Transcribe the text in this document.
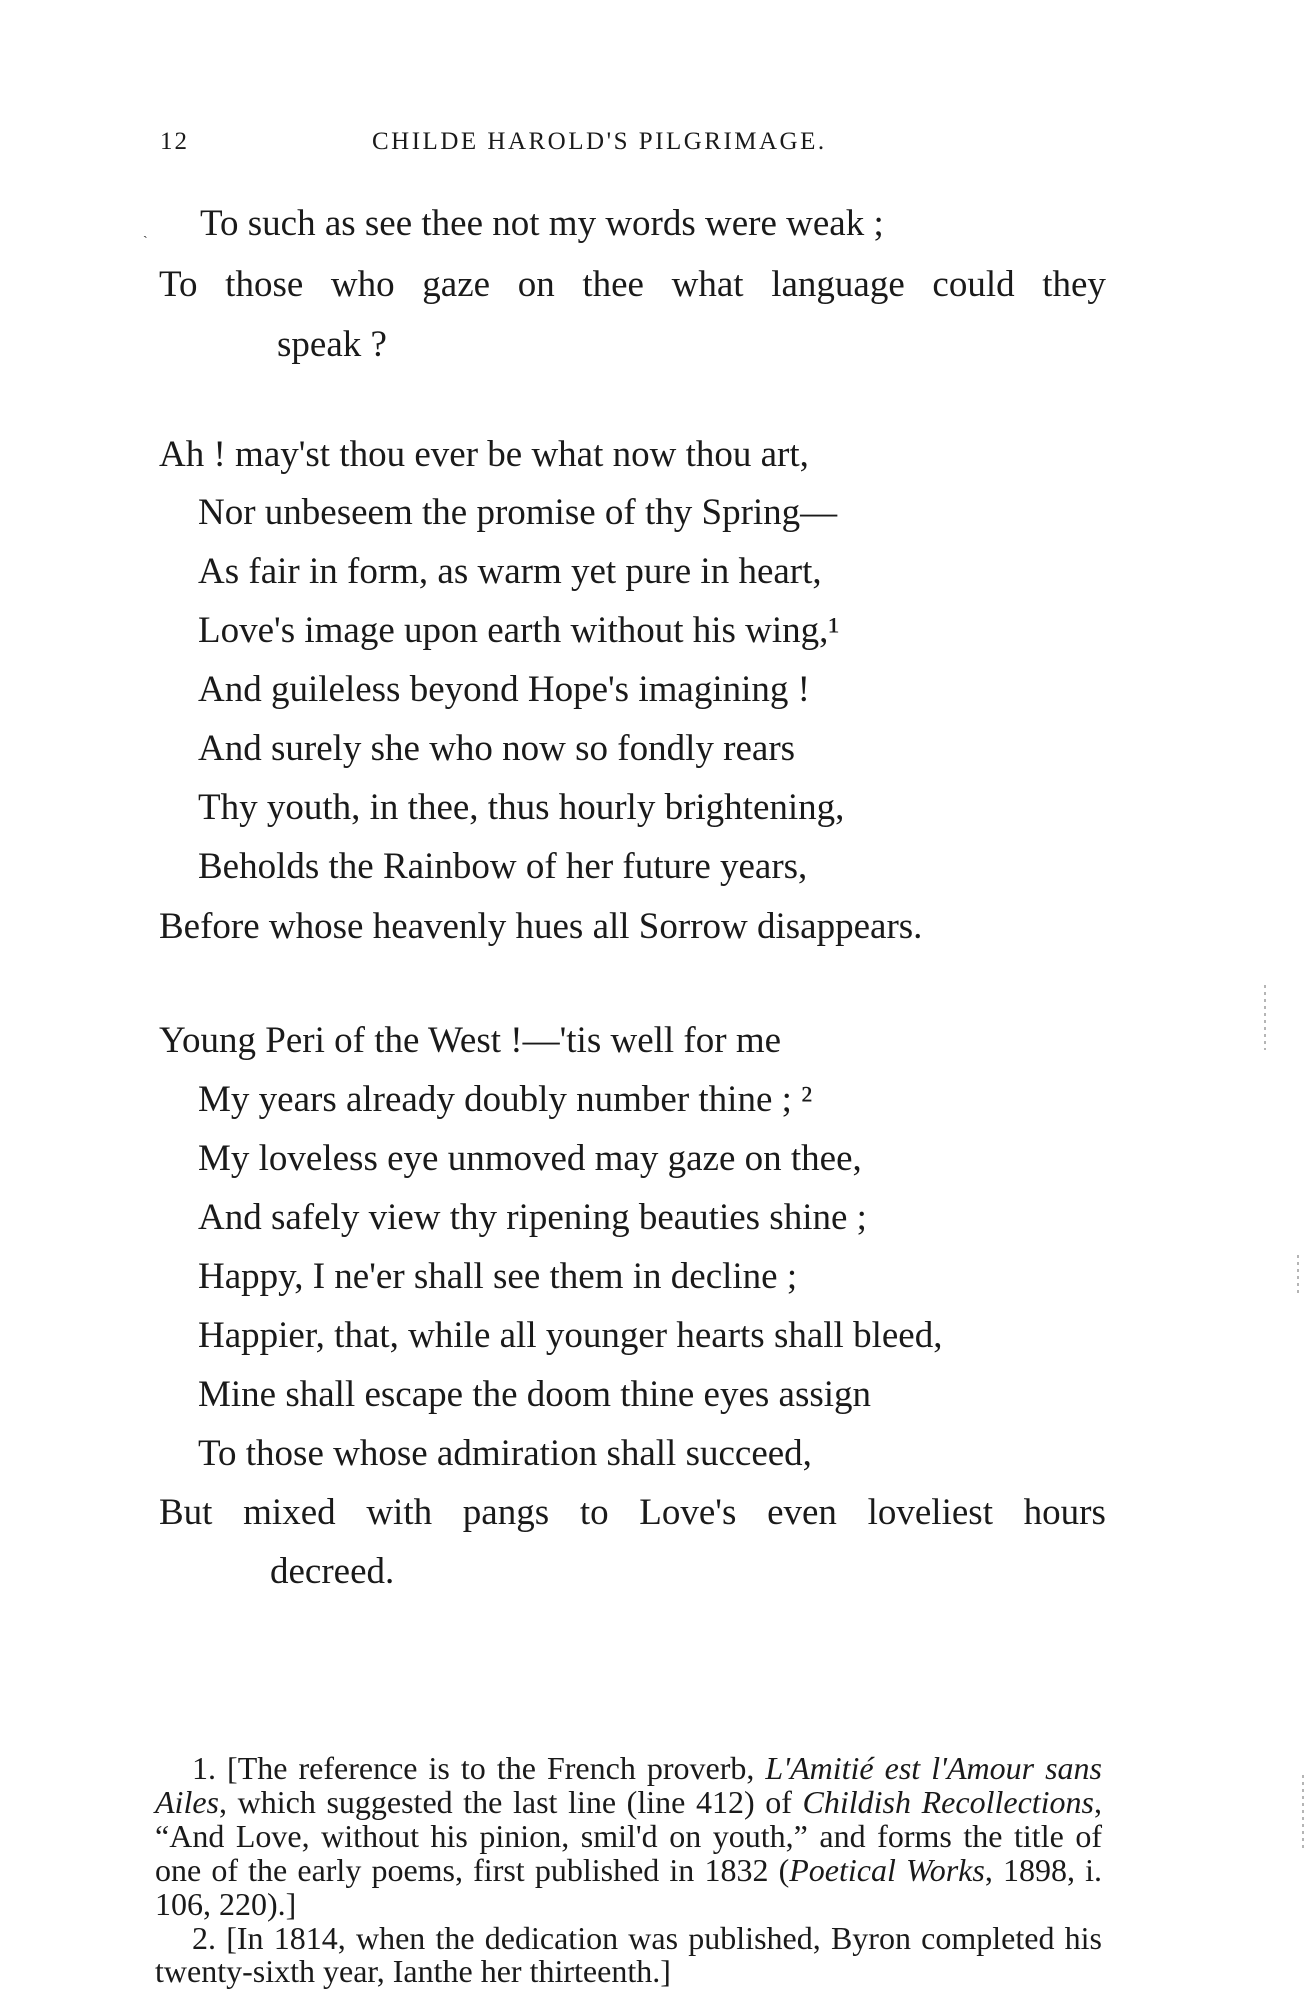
12	CHILDE HAROLD'S PILGRIMAGE.
ˏ To such as see thee not my words were weak ;
To those who gaze on thee what language could they
speak ?
Ah ! may'st thou ever be what now thou art,
Nor unbeseem the promise of thy Spring—
As fair in form, as warm yet pure in heart,
Love's image upon earth without his wing,¹
And guileless beyond Hope's imagining !
And surely she who now so fondly rears
Thy youth, in thee, thus hourly brightening,
Beholds the Rainbow of her future years,
Before whose heavenly hues all Sorrow disappears.
Young Peri of the West !—'tis well for me
My years already doubly number thine ; ²
My loveless eye unmoved may gaze on thee,
And safely view thy ripening beauties shine ;
Happy, I ne'er shall see them in decline ;
Happier, that, while all younger hearts shall bleed,
Mine shall escape the doom thine eyes assign
To those whose admiration shall succeed,
But mixed with pangs to Love's even loveliest hours
decreed.

1. [The reference is to the French proverb, L'Amitié est l'Amour sans Ailes, which suggested the last line (line 412) of Childish Recollections, “And Love, without his pinion, smil'd on youth,” and forms the title of one of the early poems, first published in 1832 (Poetical Works, 1898, i. 106, 220).]

2. [In 1814, when the dedication was published, Byron completed his twenty-sixth year, Ianthe her thirteenth.]
